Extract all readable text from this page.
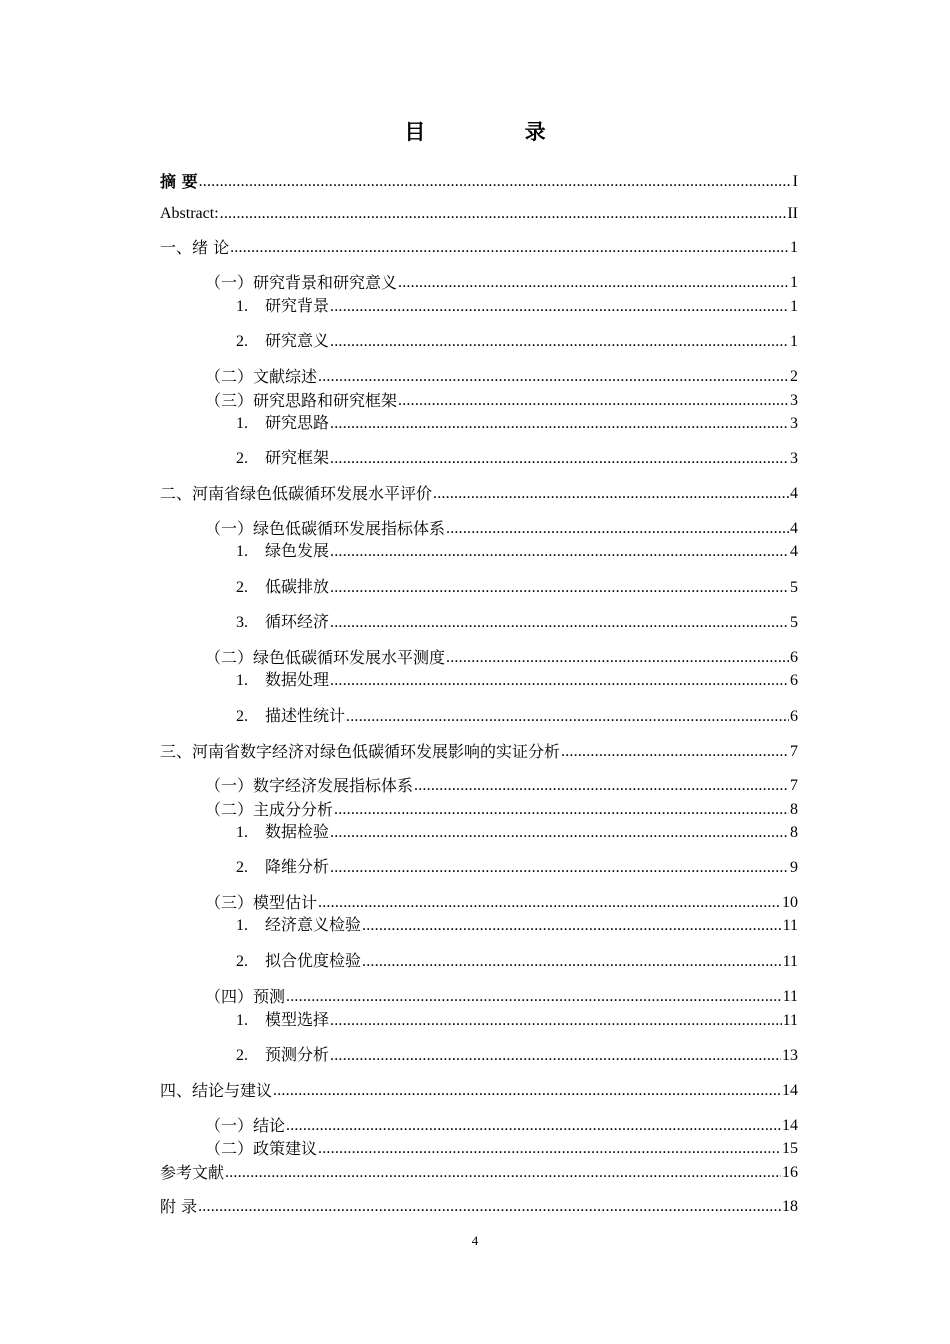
目 录
摘 要 .....	I
Abstract: .....	II
一、绪 论 .....	1
（一）研究背景和研究意义 .....	1
1. 研究背景 .....	1
2. 研究意义 .....	1
（二）文献综述 .....	2
（三）研究思路和研究框架 .....	3
1. 研究思路 .....	3
2. 研究框架 .....	3
二、河南省绿色低碳循环发展水平评价 .....	4
（一）绿色低碳循环发展指标体系 .....	4
1. 绿色发展 .....	4
2. 低碳排放 .....	5
3. 循环经济 .....	5
（二）绿色低碳循环发展水平测度 .....	6
1. 数据处理 .....	6
2. 描述性统计 .....	6
三、河南省数字经济对绿色低碳循环发展影响的实证分析 .....	7
（一）数字经济发展指标体系 .....	7
（二）主成分分析 .....	8
1. 数据检验 .....	8
2. 降维分析 .....	9
（三）模型估计 .....	10
1. 经济意义检验 .....	11
2. 拟合优度检验 .....	11
（四）预测 .....	11
1. 模型选择 .....	11
2. 预测分析 .....	13
四、结论与建议 .....	14
（一）结论 .....	14
（二）政策建议 .....	15
参考文献 .....	16
附 录 .....	18
4
